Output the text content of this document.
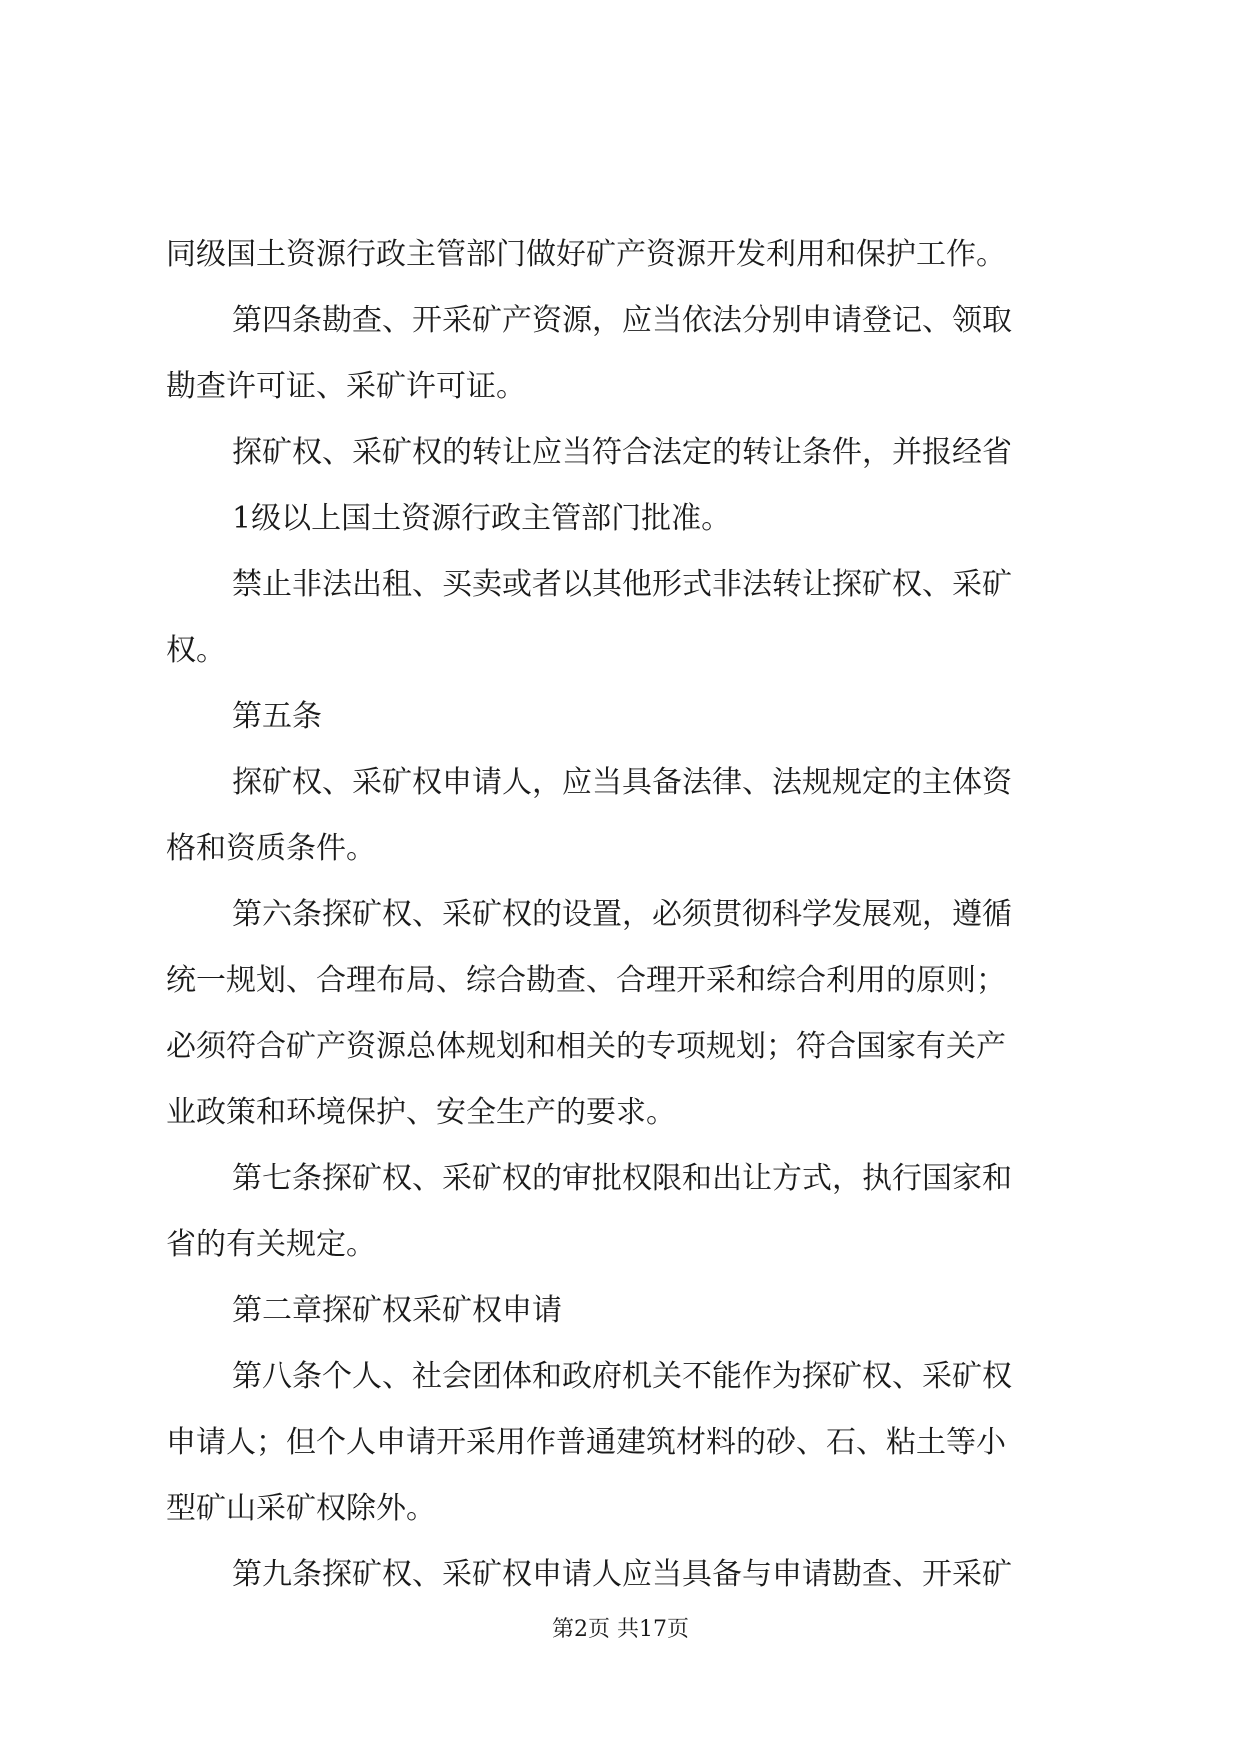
同级国土资源行政主管部门做好矿产资源开发利用和保护工作。
第四条勘查、开采矿产资源，应当依法分别申请登记、领取
勘查许可证、采矿许可证。
探矿权、采矿权的转让应当符合法定的转让条件，并报经省
1级以上国土资源行政主管部门批准。
禁止非法出租、买卖或者以其他形式非法转让探矿权、采矿
权。
第五条
探矿权、采矿权申请人，应当具备法律、法规规定的主体资
格和资质条件。
第六条探矿权、采矿权的设置，必须贯彻科学发展观，遵循
统一规划、合理布局、综合勘查、合理开采和综合利用的原则；
必须符合矿产资源总体规划和相关的专项规划；符合国家有关产
业政策和环境保护、安全生产的要求。
第七条探矿权、采矿权的审批权限和出让方式，执行国家和
省的有关规定。
第二章探矿权采矿权申请
第八条个人、社会团体和政府机关不能作为探矿权、采矿权
申请人；但个人申请开采用作普通建筑材料的砂、石、粘土等小
型矿山采矿权除外。
第九条探矿权、采矿权申请人应当具备与申请勘查、开采矿
第2页 共17页
